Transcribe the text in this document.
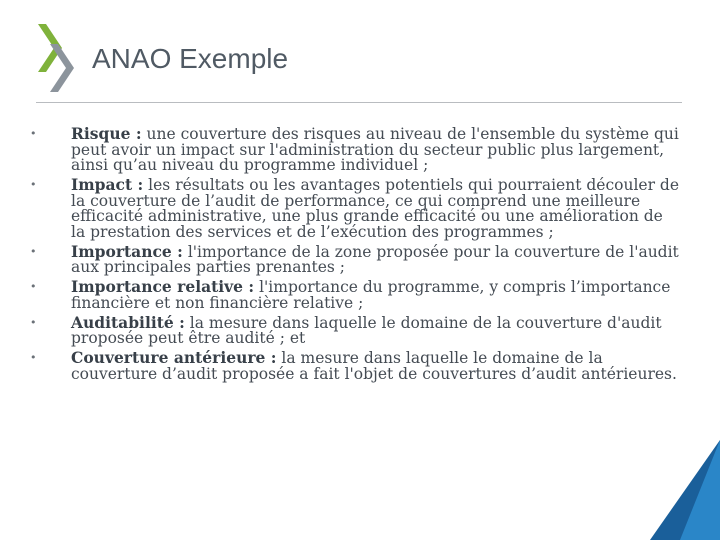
ANAO Exemple
• Risque : une couverture des risques au niveau de l'ensemble du système qui peut avoir un impact sur l'administration du secteur public plus largement, ainsi qu’au niveau du programme individuel ;
• Impact : les résultats ou les avantages potentiels qui pourraient découler de la couverture de l’audit de performance, ce qui comprend une meilleure efficacité administrative, une plus grande efficacité ou une amélioration de la prestation des services et de l’exécution des programmes ;
• Importance : l'importance de la zone proposée pour la couverture de l'audit aux principales parties prenantes ;
• Importance relative : l'importance du programme, y compris l’importance financière et non financière relative ;
• Auditabilité : la mesure dans laquelle le domaine de la couverture d'audit proposée peut être audité ; et
• Couverture antérieure : la mesure dans laquelle le domaine de la couverture d’audit proposée a fait l'objet de couvertures d’audit antérieures.
